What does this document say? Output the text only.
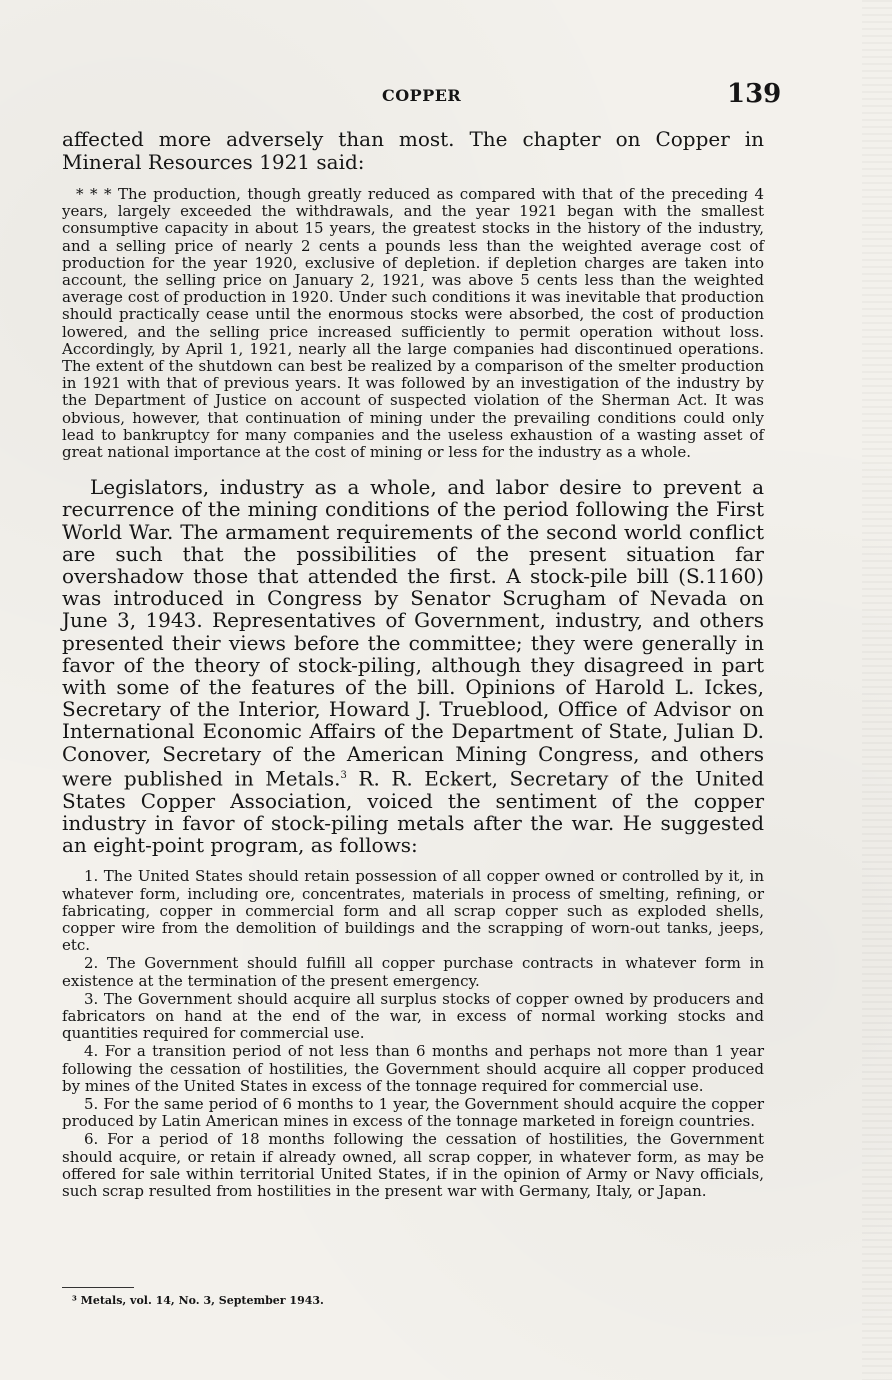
COPPER	139

affected more adversely than most. The chapter on Copper in Mineral Resources 1921 said:

* * * The production, though greatly reduced as compared with that of the preceding 4 years, largely exceeded the withdrawals, and the year 1921 began with the smallest consumptive capacity in about 15 years, the greatest stocks in the history of the industry, and a selling price of nearly 2 cents a pounds less than the weighted average cost of production for the year 1920, exclusive of depletion. if depletion charges are taken into account, the selling price on January 2, 1921, was above 5 cents less than the weighted average cost of production in 1920. Under such conditions it was inevitable that production should practically cease until the enormous stocks were absorbed, the cost of production lowered, and the selling price increased sufficiently to permit operation without loss. Accordingly, by April 1, 1921, nearly all the large companies had discontinued operations. The extent of the shutdown can best be realized by a comparison of the smelter production in 1921 with that of previous years. It was followed by an investigation of the industry by the Department of Justice on account of suspected violation of the Sherman Act. It was obvious, however, that continuation of mining under the prevailing conditions could only lead to bankruptcy for many companies and the useless exhaustion of a wasting asset of great national importance at the cost of mining or less for the industry as a whole.

Legislators, industry as a whole, and labor desire to prevent a recurrence of the mining conditions of the period following the First World War. The armament requirements of the second world conflict are such that the possibilities of the present situation far overshadow those that attended the first. A stock-pile bill (S.1160) was introduced in Congress by Senator Scrugham of Nevada on June 3, 1943. Representatives of Government, industry, and others presented their views before the committee; they were generally in favor of the theory of stock-piling, although they disagreed in part with some of the features of the bill. Opinions of Harold L. Ickes, Secretary of the Interior, Howard J. Trueblood, Office of Advisor on International Economic Affairs of the Department of State, Julian D. Conover, Secretary of the American Mining Congress, and others were published in Metals.$^3$ R. R. Eckert, Secretary of the United States Copper Association, voiced the sentiment of the copper industry in favor of stock-piling metals after the war. He suggested an eight-point program, as follows:

1. The United States should retain possession of all copper owned or controlled by it, in whatever form, including ore, concentrates, materials in process of smelting, refining, or fabricating, copper in commercial form and all scrap copper such as exploded shells, copper wire from the demolition of buildings and the scrapping of worn-out tanks, jeeps, etc.
2. The Government should fulfill all copper purchase contracts in whatever form in existence at the termination of the present emergency.
3. The Government should acquire all surplus stocks of copper owned by producers and fabricators on hand at the end of the war, in excess of normal working stocks and quantities required for commercial use.
4. For a transition period of not less than 6 months and perhaps not more than 1 year following the cessation of hostilities, the Government should acquire all copper produced by mines of the United States in excess of the tonnage required for commercial use.
5. For the same period of 6 months to 1 year, the Government should acquire the copper produced by Latin American mines in excess of the tonnage marketed in foreign countries.
6. For a period of 18 months following the cessation of hostilities, the Government should acquire, or retain if already owned, all scrap copper, in whatever form, as may be offered for sale within territorial United States, if in the opinion of Army or Navy officials, such scrap resulted from hostilities in the present war with Germany, Italy, or Japan.
³ Metals, vol. 14, No. 3, September 1943.
